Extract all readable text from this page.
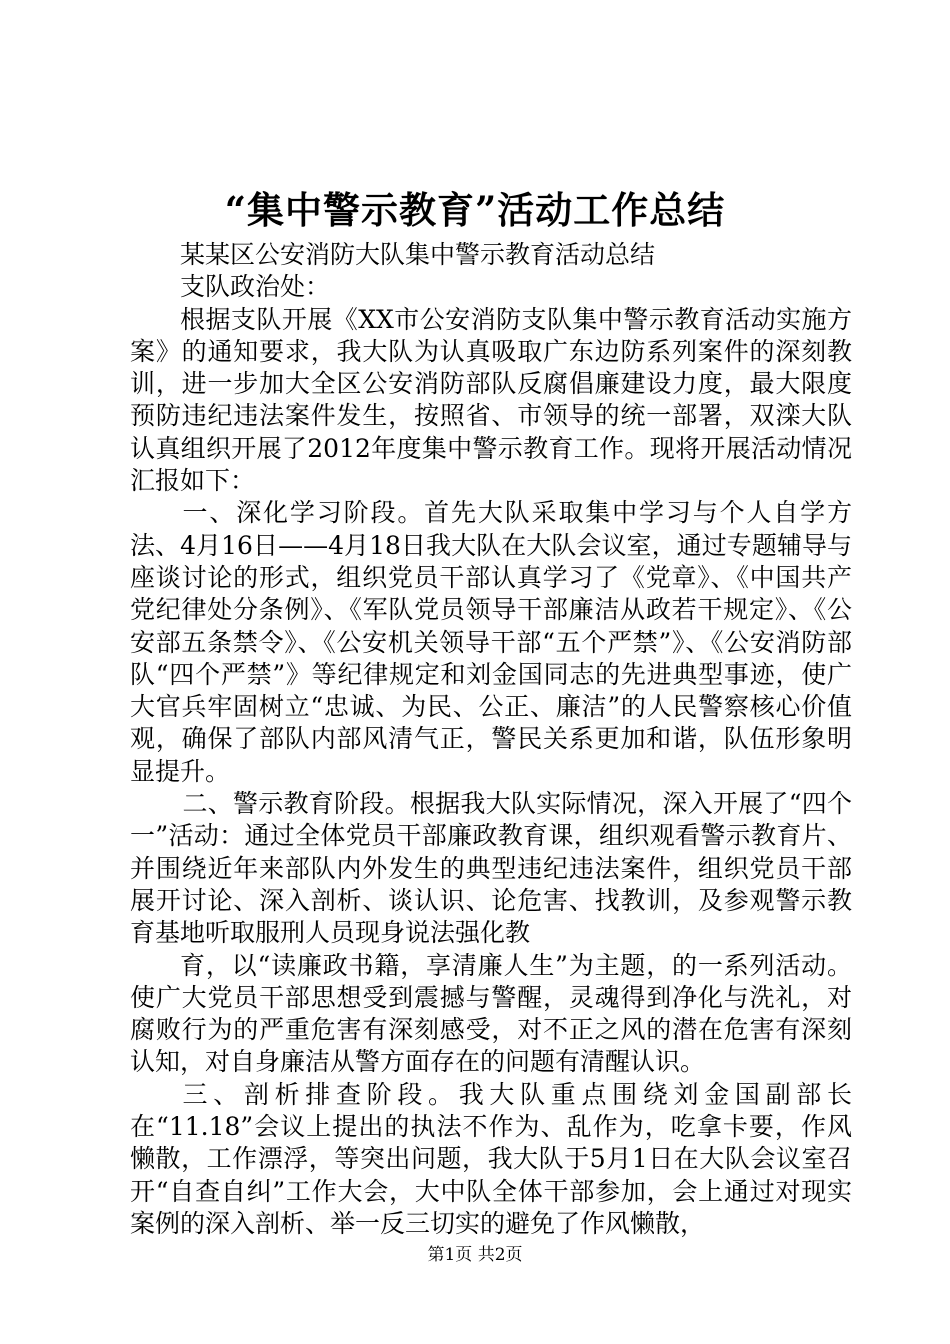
“集中警示教育”活动工作总结

某某区公安消防大队集中警示教育活动总结

支队政治处：

根据支队开展《XX市公安消防支队集中警示教育活动实施方案》的通知要求，我大队为认真吸取广东边防系列案件的深刻教训，进一步加大全区公安消防部队反腐倡廉建设力度，最大限度预防违纪违法案件发生，按照省、市领导的统一部署，双滦大队认真组织开展了2012年度集中警示教育工作。现将开展活动情况汇报如下：

一、深化学习阶段。首先大队采取集中学习与个人自学方法、4月16日——4月18日我大队在大队会议室，通过专题辅导与座谈讨论的形式，组织党员干部认真学习了《党章》、《中国共产党纪律处分条例》、《军队党员领导干部廉洁从政若干规定》、《公安部五条禁令》、《公安机关领导干部“五个严禁”》、《公安消防部队“四个严禁”》等纪律规定和刘金国同志的先进典型事迹，使广大官兵牢固树立“忠诚、为民、公正、廉洁”的人民警察核心价值观，确保了部队内部风清气正，警民关系更加和谐，队伍形象明显提升。

二、警示教育阶段。根据我大队实际情况，深入开展了“四个一”活动：通过全体党员干部廉政教育课，组织观看警示教育片、并围绕近年来部队内外发生的典型违纪违法案件，组织党员干部展开讨论、深入剖析、谈认识、论危害、找教训，及参观警示教育基地听取服刑人员现身说法强化教

育，以“读廉政书籍，享清廉人生”为主题，的一系列活动。使广大党员干部思想受到震撼与警醒，灵魂得到净化与洗礼，对腐败行为的严重危害有深刻感受，对不正之风的潜在危害有深刻认知，对自身廉洁从警方面存在的问题有清醒认识。

三、剖析排查阶段。我大队重点围绕刘金国副部长在“11.18”会议上提出的执法不作为、乱作为，吃拿卡要，作风懒散，工作漂浮，等突出问题，我大队于5月1日在大队会议室召开“自查自纠”工作大会，大中队全体干部参加，会上通过对现实案例的深入剖析、举一反三切实的避免了作风懒散，

第1页 共2页
